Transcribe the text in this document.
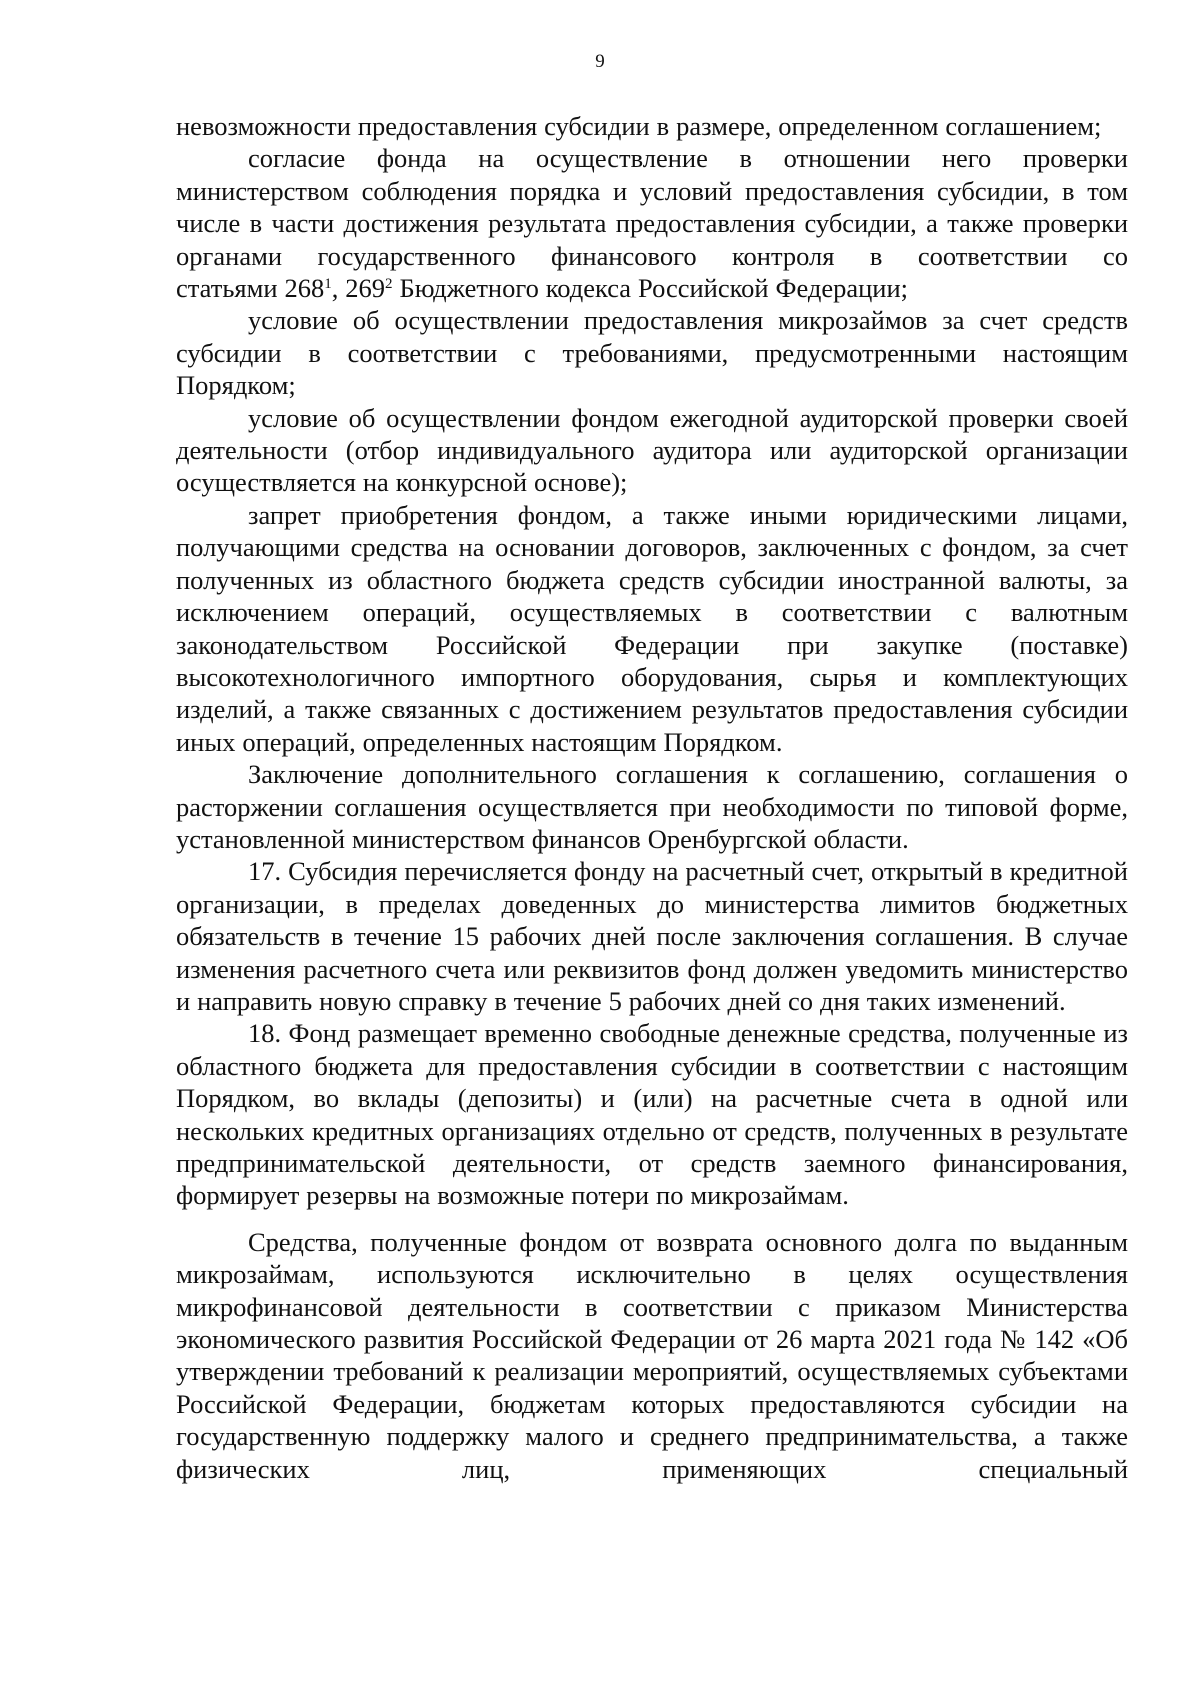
9

невозможности предоставления субсидии в размере, определенном соглашением;

согласие фонда на осуществление в отношении него проверки министерством соблюдения порядка и условий предоставления субсидии, в том числе в части достижения результата предоставления субсидии, а также проверки органами государственного финансового контроля в соответствии со

статьями $268^1$, $269^2$ Бюджетного кодекса Российской Федерации;

условие об осуществлении предоставления микрозаймов за счет средств субсидии в соответствии с требованиями, предусмотренными настоящим Порядком;

условие об осуществлении фондом ежегодной аудиторской проверки своей деятельности (отбор индивидуального аудитора или аудиторской организации осуществляется на конкурсной основе);

запрет приобретения фондом, а также иными юридическими лицами, получающими средства на основании договоров, заключенных с фондом, за счет полученных из областного бюджета средств субсидии иностранной валюты, за исключением операций, осуществляемых в соответствии с валютным законодательством Российской Федерации при закупке (поставке) высокотехнологичного импортного оборудования, сырья и комплектующих изделий, а также связанных с достижением результатов предоставления субсидии иных операций, определенных настоящим Порядком.

Заключение дополнительного соглашения к соглашению, соглашения о расторжении соглашения осуществляется при необходимости по типовой форме, установленной министерством финансов Оренбургской области.

17. Субсидия перечисляется фонду на расчетный счет, открытый в кредитной организации, в пределах доведенных до министерства лимитов бюджетных обязательств в течение 15 рабочих дней после заключения соглашения. В случае изменения расчетного счета или реквизитов фонд должен уведомить министерство и направить новую справку в течение 5 рабочих дней со дня таких изменений.

18. Фонд размещает временно свободные денежные средства, полученные из областного бюджета для предоставления субсидии в соответствии с настоящим Порядком, во вклады (депозиты) и (или) на расчетные счета в одной или нескольких кредитных организациях отдельно от средств, полученных в результате предпринимательской деятельности, от средств заемного финансирования, формирует резервы на возможные потери по микрозаймам.

Средства, полученные фондом от возврата основного долга по выданным микрозаймам, используются исключительно в целях осуществления микрофинансовой деятельности в соответствии с приказом Министерства экономического развития Российской Федерации от 26 марта 2021 года № 142 «Об утверждении требований к реализации мероприятий, осуществляемых субъектами Российской Федерации, бюджетам которых предоставляются субсидии на государственную поддержку малого и среднего предпринимательства, а также физических лиц, применяющих специальный
